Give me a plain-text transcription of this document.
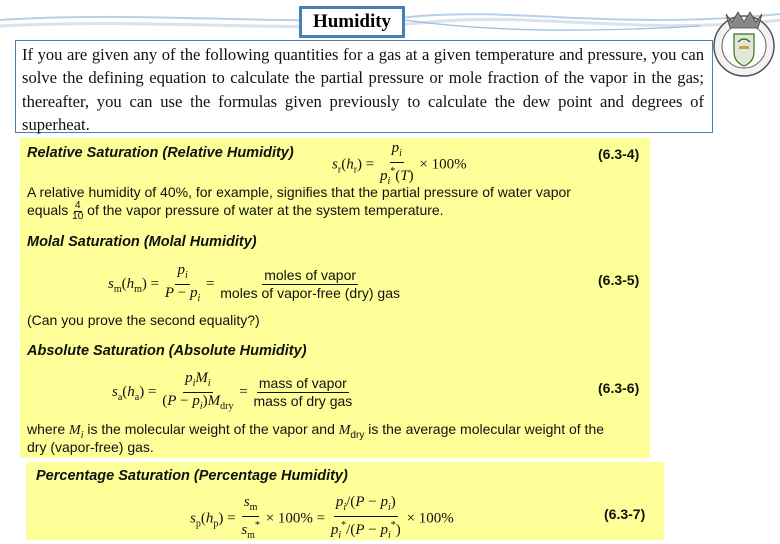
Humidity
If you are given any of the following quantities for a gas at a given temperature and pressure, you can solve the defining equation to calculate the partial pressure or mole fraction of the vapor in the gas; thereafter, you can use the formulas given previously to calculate the dew point and degrees of superheat.
Relative Saturation (Relative Humidity)
$s_r(h_r) = \frac{p_i}{p_i^*(T)} \times 100\%$
(6.3-4)
A relative humidity of 40%, for example, signifies that the partial pressure of water vapor
equals $\frac{4}{10}$ of the vapor pressure of water at the system temperature.
Molal Saturation (Molal Humidity)
$s_m(h_m) = \frac{p_i}{P - p_i} = \frac{\text{moles of vapor}}{\text{moles of vapor-free (dry) gas}}$	(6.3-5)
(Can you prove the second equality?)
Absolute Saturation (Absolute Humidity)
$s_a(h_a) = \frac{p_iM_i}{(P - p_i)M_{dry}} = \frac{\text{mass of vapor}}{\text{mass of dry gas}}$	(6.3-6)
where $M_i$ is the molecular weight of the vapor and $M_{dry}$ is the average molecular weight of the
dry (vapor-free) gas.
Percentage Saturation (Percentage Humidity)
$s_p(h_p) = \frac{s_m}{s_m^*} \times 100\% = \frac{p_i/(P - p_i)}{p_i^*/(P - p_i^*)} \times 100\%$	(6.3-7)
